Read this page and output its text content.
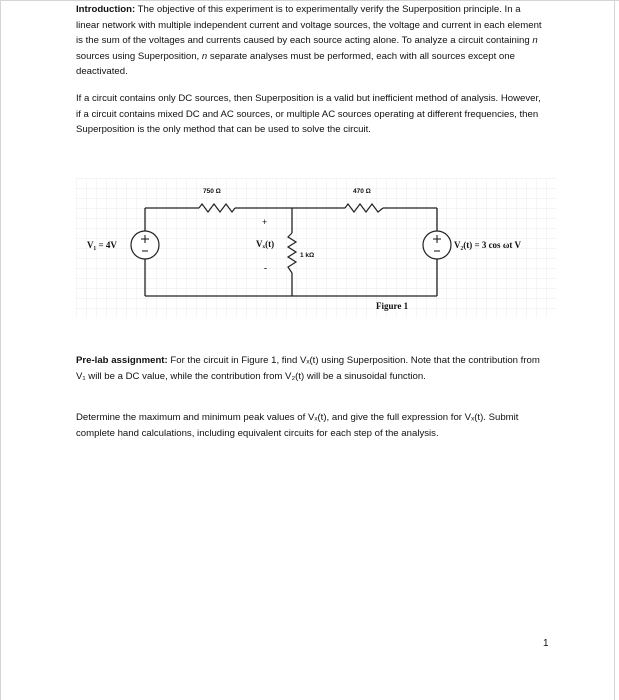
Introduction: The objective of this experiment is to experimentally verify the Superposition principle. In a linear network with multiple independent current and voltage sources, the voltage and current in each element is the sum of the voltages and currents caused by each source acting alone. To analyze a circuit containing n sources using Superposition, n separate analyses must be performed, each with all sources except one deactivated.

If a circuit contains only DC sources, then Superposition is a valid but inefficient method of analysis. However, if a circuit contains mixed DC and AC sources, or multiple AC sources operating at different frequencies, then Superposition is the only method that can be used to solve the circuit.

750 Ω	470 Ω
1 kΩ
V₁ = 4V	V₂(t) = 3 cos ωt V
Vₓ(t)
+
-
Figure 1

Pre-lab assignment: For the circuit in Figure 1, find Vₓ(t) using Superposition. Note that the contribution from V₁ will be a DC value, while the contribution from V₂(t) will be a sinusoidal function.

Determine the maximum and minimum peak values of Vₓ(t), and give the full expression for Vₓ(t). Submit complete hand calculations, including equivalent circuits for each step of the analysis.

1
